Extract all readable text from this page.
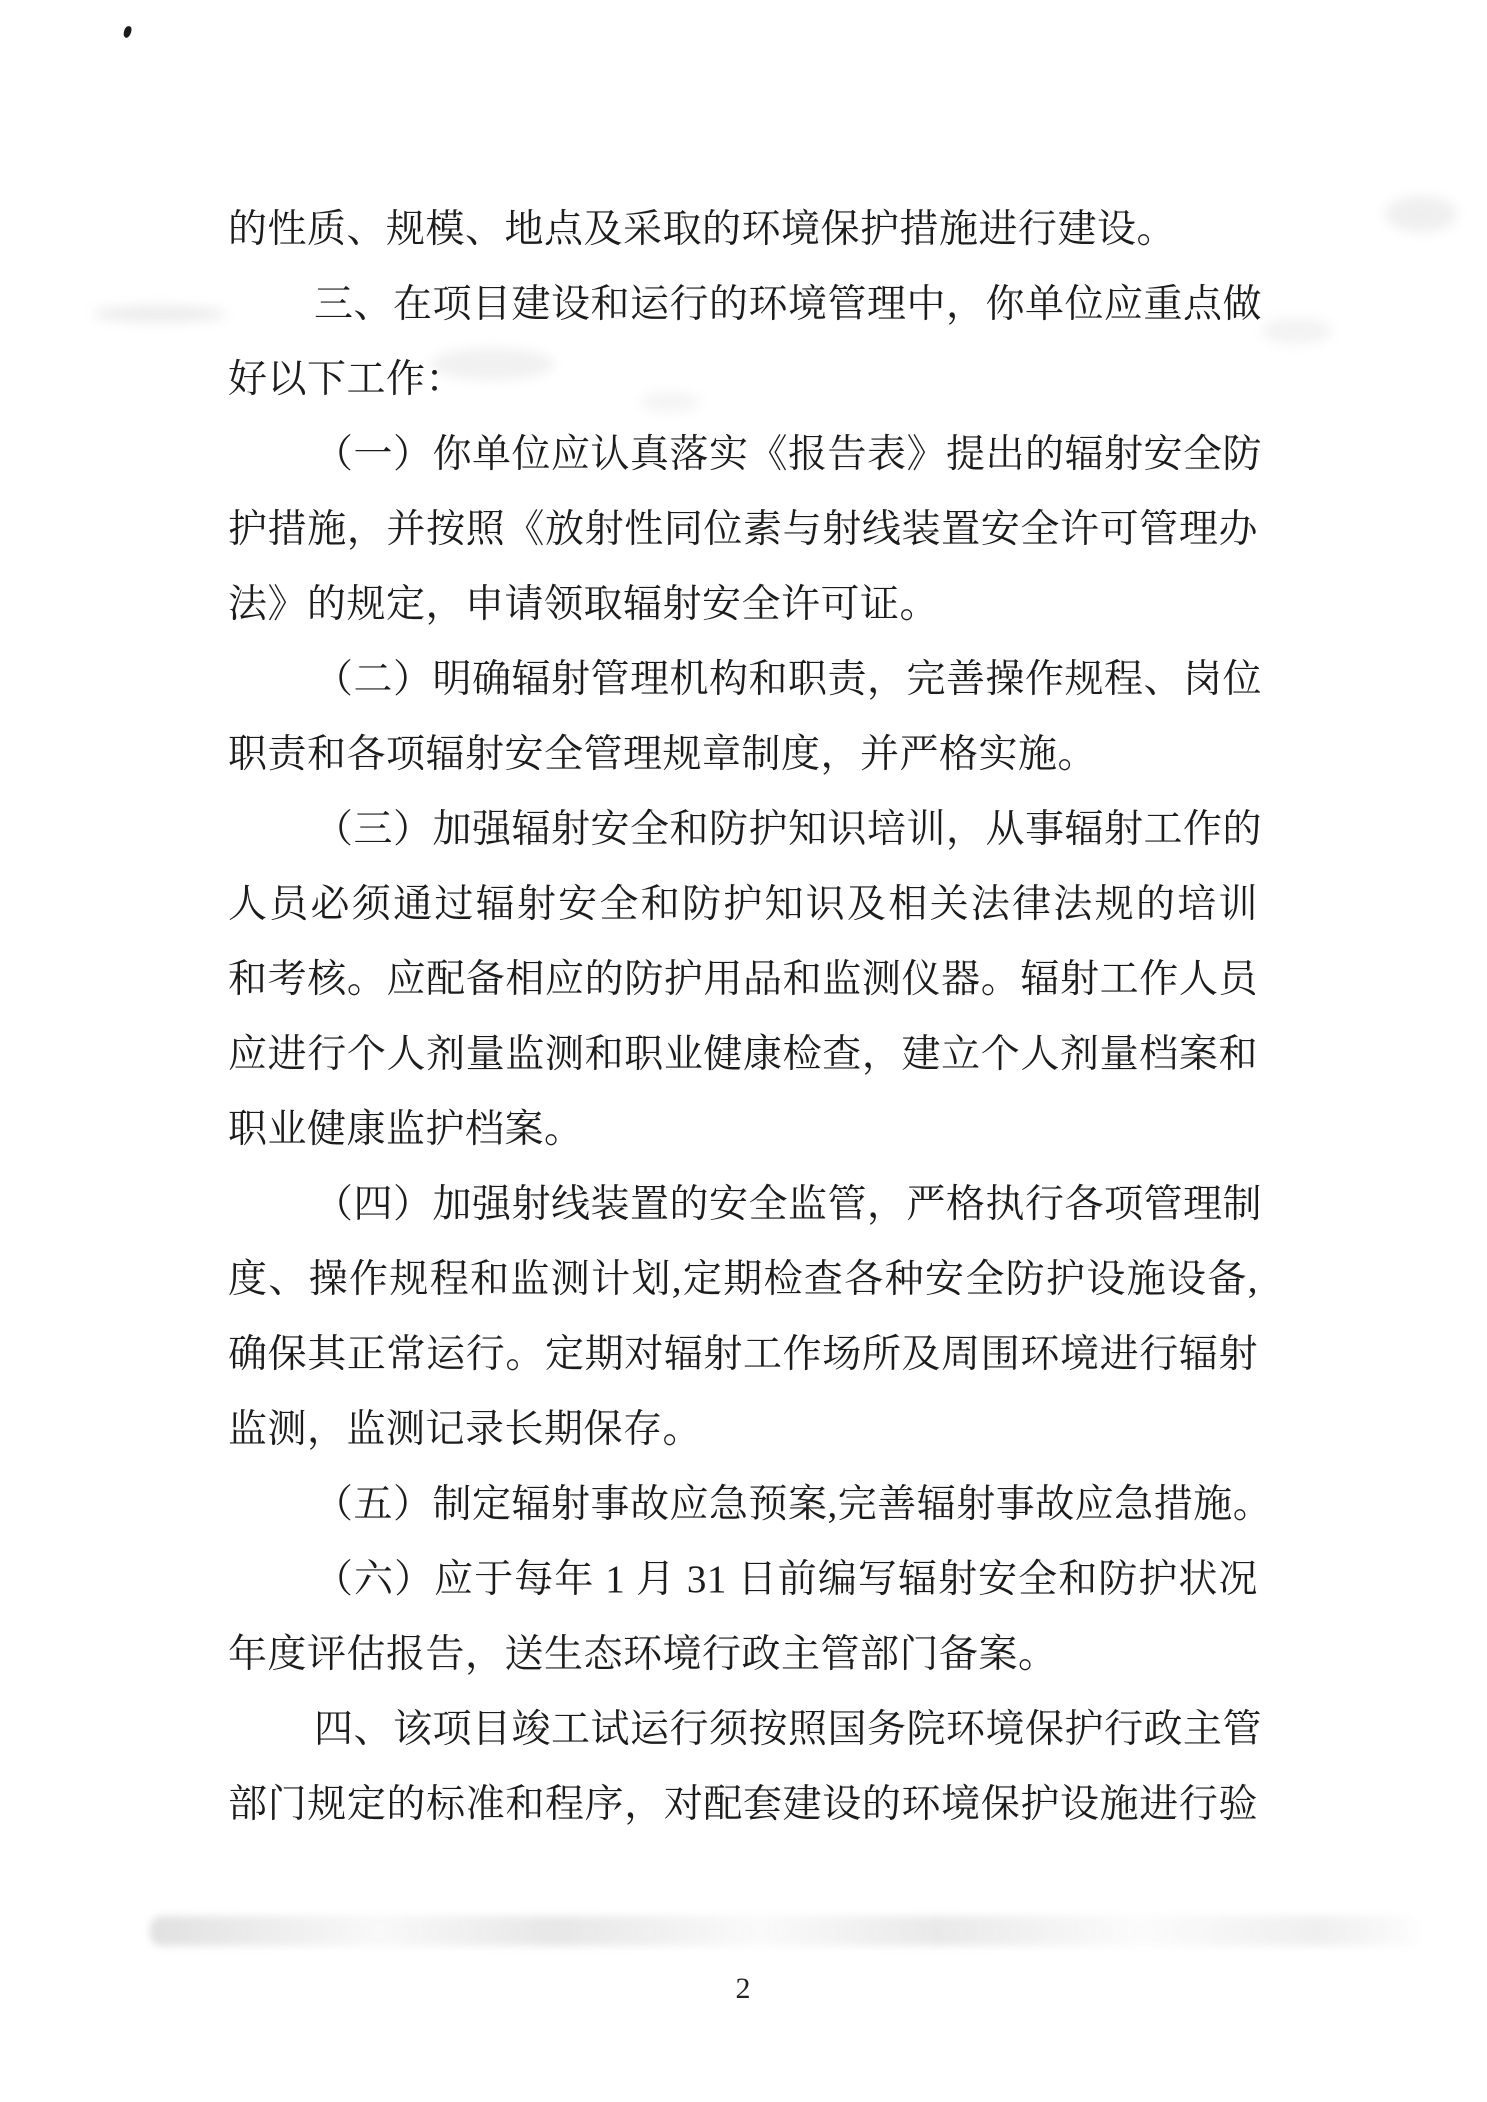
的性质、规模、地点及采取的环境保护措施进行建设。
三、在项目建设和运行的环境管理中，你单位应重点做
好以下工作：
（一）你单位应认真落实《报告表》提出的辐射安全防
护措施，并按照《放射性同位素与射线装置安全许可管理办
法》的规定，申请领取辐射安全许可证。
（二）明确辐射管理机构和职责，完善操作规程、岗位
职责和各项辐射安全管理规章制度，并严格实施。
（三）加强辐射安全和防护知识培训，从事辐射工作的
人员必须通过辐射安全和防护知识及相关法律法规的培训
和考核。应配备相应的防护用品和监测仪器。辐射工作人员
应进行个人剂量监测和职业健康检查，建立个人剂量档案和
职业健康监护档案。
（四）加强射线装置的安全监管，严格执行各项管理制
度、操作规程和监测计划,定期检查各种安全防护设施设备,
确保其正常运行。定期对辐射工作场所及周围环境进行辐射
监测，监测记录长期保存。
（五）制定辐射事故应急预案,完善辐射事故应急措施。
（六）应于每年 1 月 31 日前编写辐射安全和防护状况
年度评估报告，送生态环境行政主管部门备案。
四、该项目竣工试运行须按照国务院环境保护行政主管
部门规定的标准和程序，对配套建设的环境保护设施进行验
2
